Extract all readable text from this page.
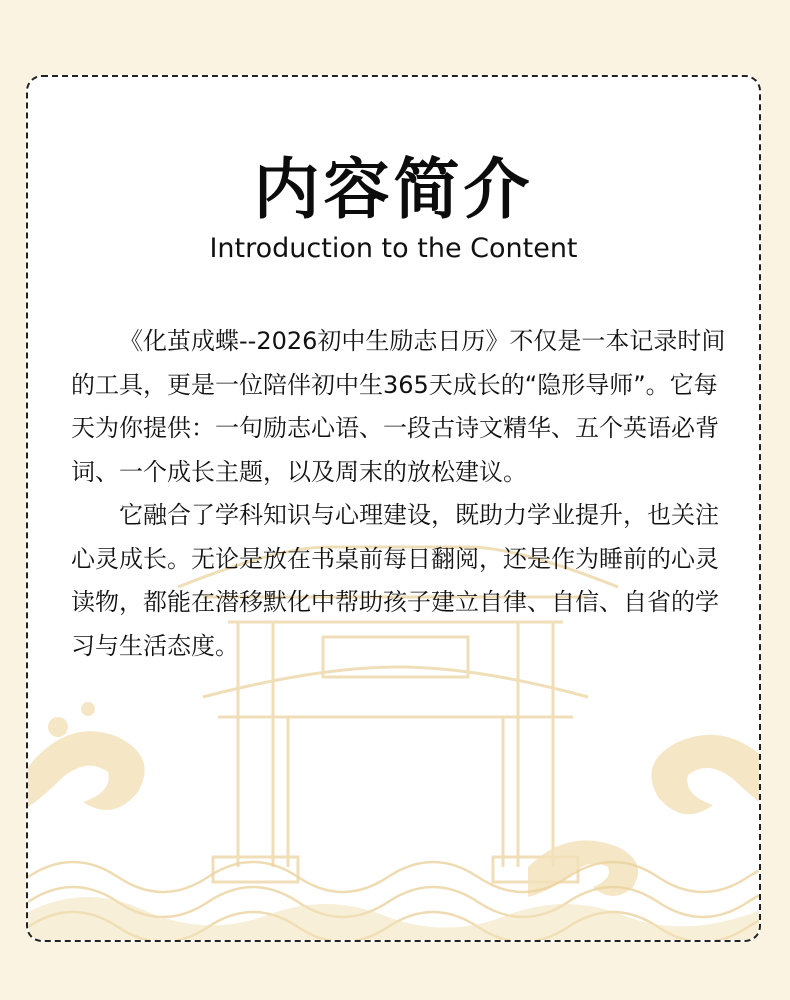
内容简介
Introduction to the Content

《化茧成蝶--2026初中生励志日历》不仅是一本记录时间的工具，更是一位陪伴初中生365天成长的“隐形导师”。它每天为你提供：一句励志心语、一段古诗文精华、五个英语必背词、一个成长主题，以及周末的放松建议。

它融合了学科知识与心理建设，既助力学业提升，也关注心灵成长。无论是放在书桌前每日翻阅，还是作为睡前的心灵读物，都能在潜移默化中帮助孩子建立自律、自信、自省的学习与生活态度。
